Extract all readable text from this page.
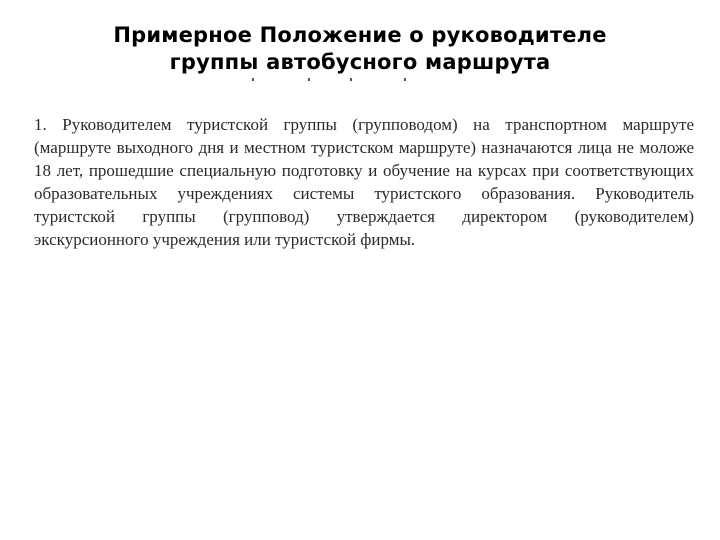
Примерное Положение о руководителе
группы автобусного маршрута

1. Руководителем туристской группы (групповодом) на транспортном маршруте (маршруте выходного дня и местном туристском маршруте) назначаются лица не моложе 18 лет, прошедшие специальную подготовку и обучение на курсах при соответствующих образовательных учреждениях системы туристского образования. Руководитель туристской группы (групповод) утверждается директором (руководителем) экскурсионного учреждения или туристской фирмы.
